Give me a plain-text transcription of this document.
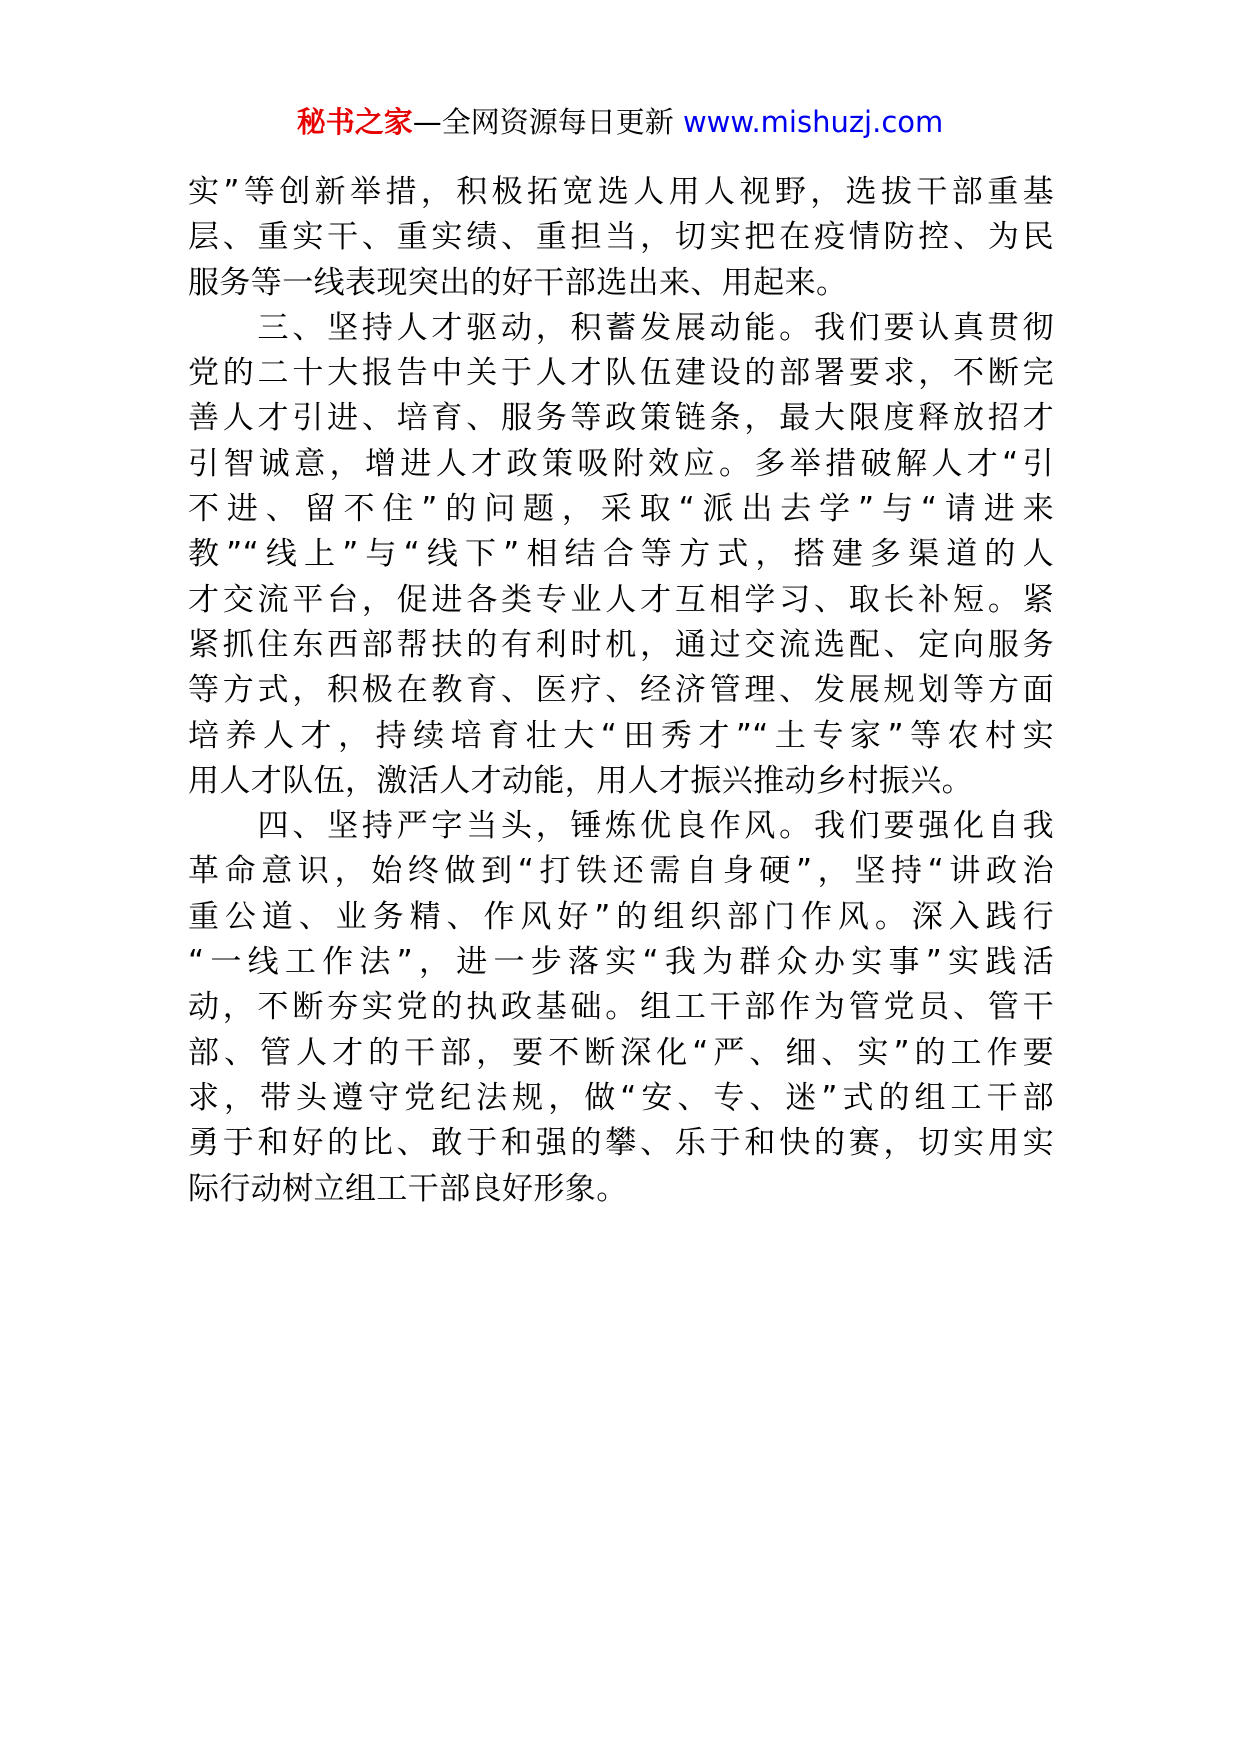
秘书之家—全网资源每日更新 www.mishuzj.com
实”等创新举措，积极拓宽选人用人视野，选拔干部重基
层、重实干、重实绩、重担当，切实把在疫情防控、为民
服务等一线表现突出的好干部选出来、用起来。
　　三、坚持人才驱动，积蓄发展动能。我们要认真贯彻
党的二十大报告中关于人才队伍建设的部署要求，不断完
善人才引进、培育、服务等政策链条，最大限度释放招才
引智诚意，增进人才政策吸附效应。多举措破解人才“引
不进、留不住”的问题，采取“派出去学”与“请进来
教”“线上”与“线下”相结合等方式，搭建多渠道的人
才交流平台，促进各类专业人才互相学习、取长补短。紧
紧抓住东西部帮扶的有利时机，通过交流选配、定向服务
等方式，积极在教育、医疗、经济管理、发展规划等方面
培养人才，持续培育壮大“田秀才”“土专家”等农村实
用人才队伍，激活人才动能，用人才振兴推动乡村振兴。
　　四、坚持严字当头，锤炼优良作风。我们要强化自我
革命意识，始终做到“打铁还需自身硬”，坚持“讲政治
重公道、业务精、作风好”的组织部门作风。深入践行
“一线工作法”，进一步落实“我为群众办实事”实践活
动，不断夯实党的执政基础。组工干部作为管党员、管干
部、管人才的干部，要不断深化“严、细、实”的工作要
求，带头遵守党纪法规，做“安、专、迷”式的组工干部
勇于和好的比、敢于和强的攀、乐于和快的赛，切实用实
际行动树立组工干部良好形象。
